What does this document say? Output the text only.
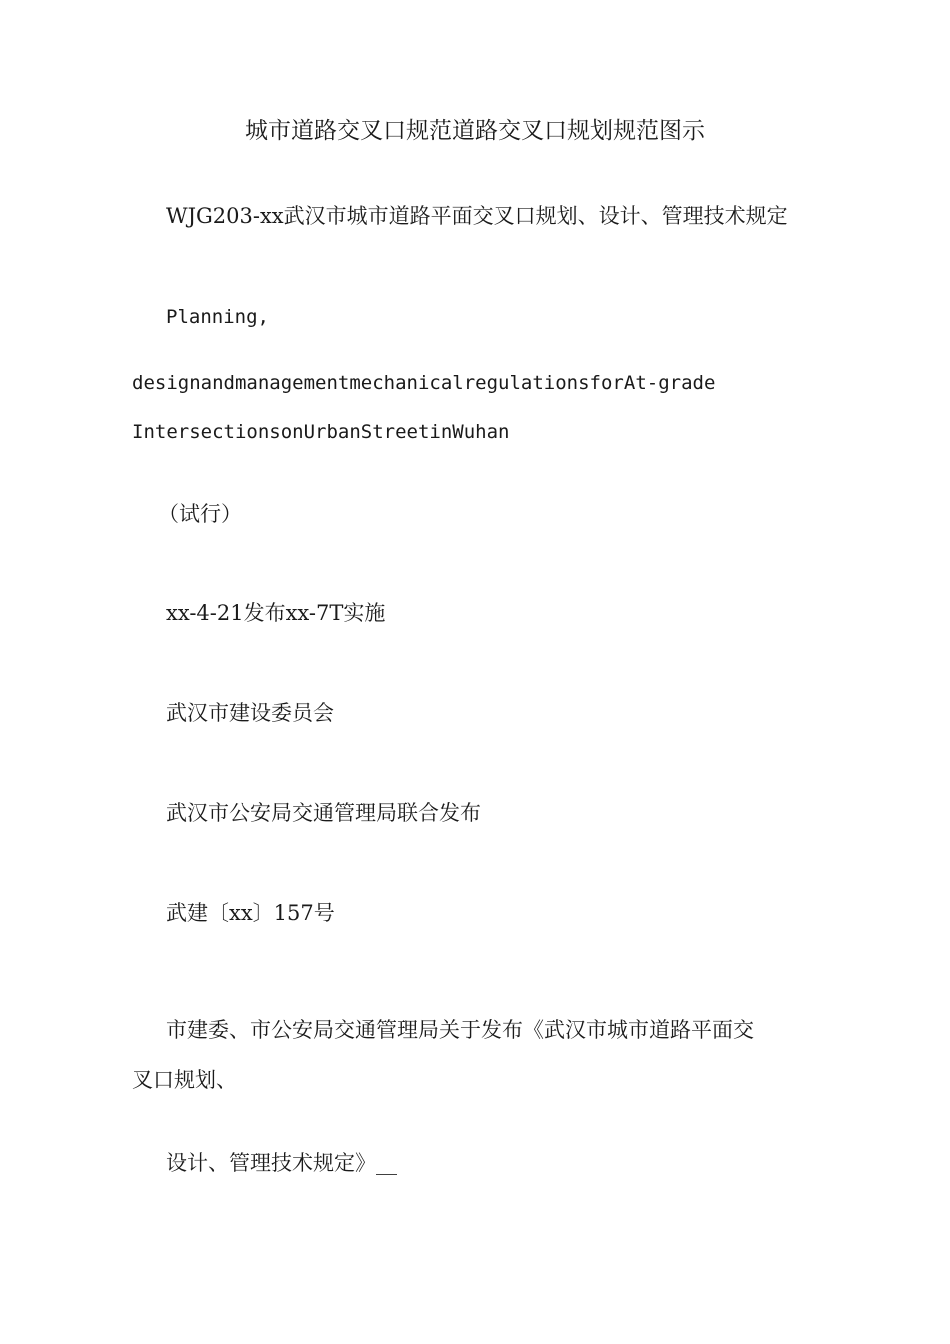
城市道路交叉口规范道路交叉口规划规范图示
WJG203-xx武汉市城市道路平面交叉口规划、设计、管理技术规定
Planning,
designandmanagementmechanicalregulationsforAt-grade
IntersectionsonUrbanStreetinWuhan
（试行）
xx-4-21发布xx-7T实施
武汉市建设委员会
武汉市公安局交通管理局联合发布
武建〔xx〕157号
市建委、市公安局交通管理局关于发布《武汉市城市道路平面交
叉口规划、
设计、管理技术规定》__
